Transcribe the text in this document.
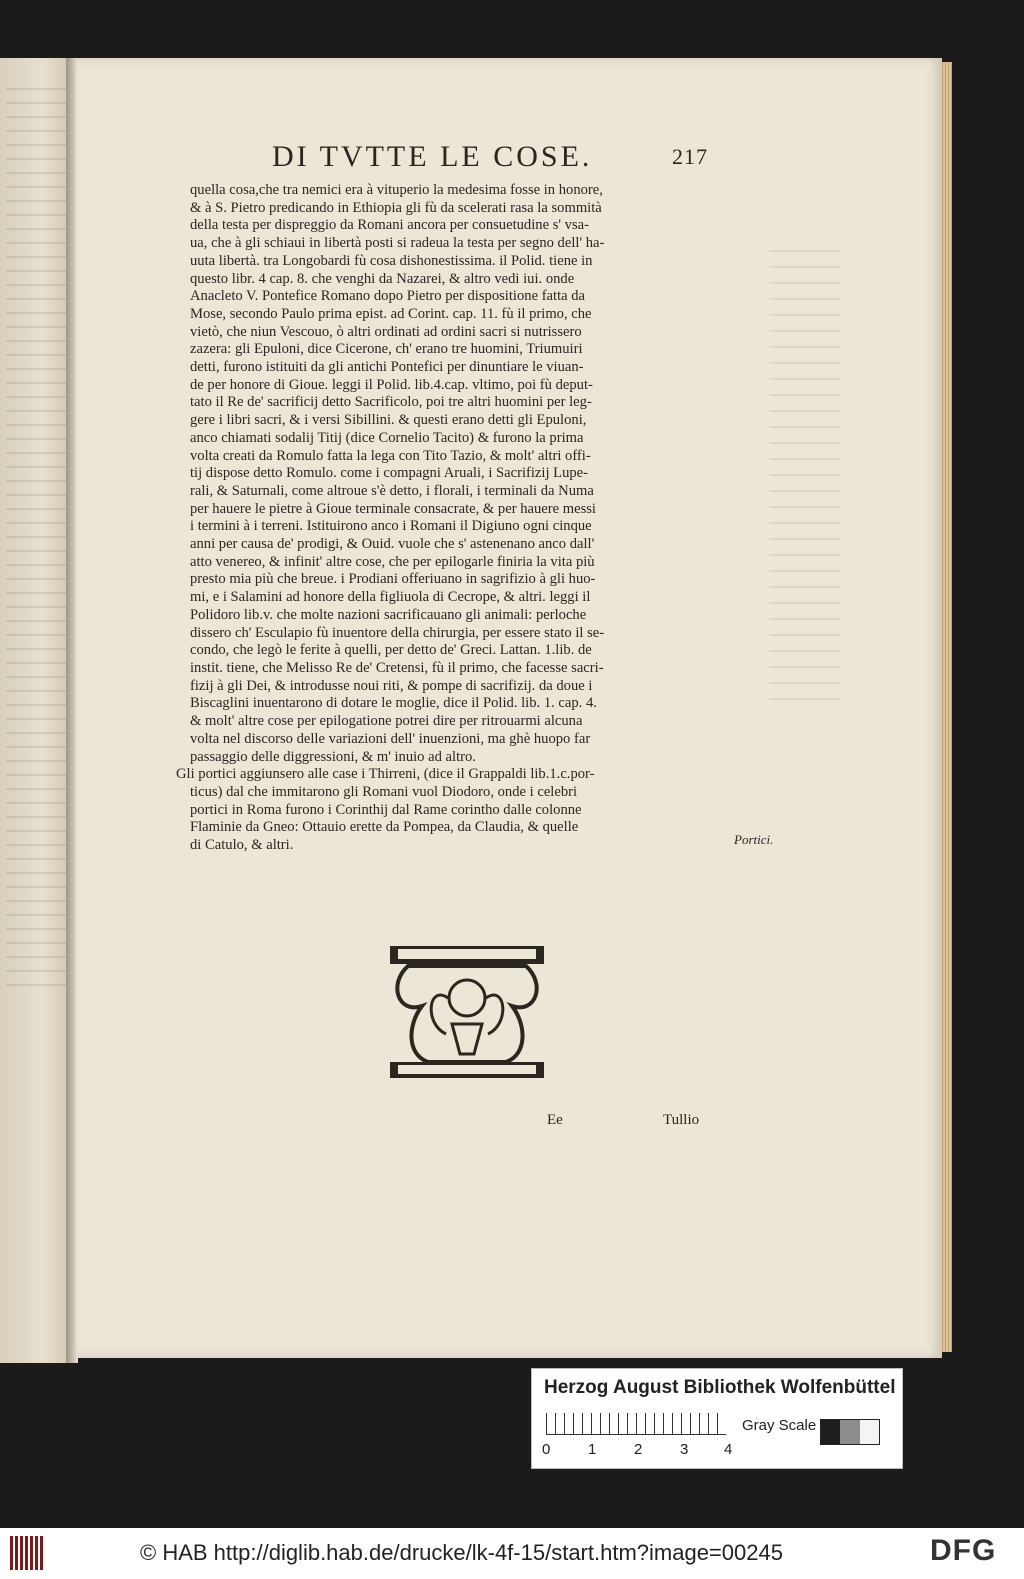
DI TVTTE LE COSE.	217
quella cosa,che tra nemici era à vituperio la medesima fosse in honore,
& à S. Pietro predicando in Ethiopia gli fù da scelerati rasa la sommità
della testa per dispreggio da Romani ancora per consuetudine s' vsa-
ua, che à gli schiaui in libertà posti si radeua la testa per segno dell' ha-
uuta libertà. tra Longobardi fù cosa dishonestissima. il Polid. tiene in
questo libr. 4 cap. 8. che venghi da Nazarei, & altro vedi iui. onde
Anacleto V. Pontefice Romano dopo Pietro per dispositione fatta da
Mose, secondo Paulo prima epist. ad Corint. cap. 11. fù il primo, che
vietò, che niun Vescouo, ò altri ordinati ad ordini sacri si nutrissero
zazera: gli Epuloni, dice Cicerone, ch' erano tre huomini, Triumuiri
detti, furono istituiti da gli antichi Pontefici per dinuntiare le viuan-
de per honore di Gioue. leggi il Polid. lib.4.cap. vltimo, poi fù deput-
tato il Re de' sacrificij detto Sacrificolo, poi tre altri huomini per leg-
gere i libri sacri, & i versi Sibillini. & questi erano detti gli Epuloni,
anco chiamati sodalij Titij (dice Cornelio Tacito) & furono la prima
volta creati da Romulo fatta la lega con Tito Tazio, & molt' altri offi-
tij dispose detto Romulo. come i compagni Aruali, i Sacrifizij Lupe-
rali, & Saturnali, come altroue s'è detto, i florali, i terminali da Numa
per hauere le pietre à Gioue terminale consacrate, & per hauere messi
i termini à i terreni. Istituirono anco i Romani il Digiuno ogni cinque
anni per causa de' prodigi, & Ouid. vuole che s' astenenano anco dall'
atto venereo, & infinit' altre cose, che per epilogarle finiria la vita più
presto mia più che breue. i Prodiani offeriuano in sagrifizio à gli huo-
mi, e i Salamini ad honore della figliuola di Cecrope, & altri. leggi il
Polidoro lib.v. che molte nazioni sacrificauano gli animali: perloche
dissero ch' Esculapio fù inuentore della chirurgia, per essere stato il se-
condo, che legò le ferite à quelli, per detto de' Greci. Lattan. 1.lib. de
instit. tiene, che Melisso Re de' Cretensi, fù il primo, che facesse sacri-
fizij à gli Dei, & introdusse noui riti, & pompe di sacrifizij. da doue i
Biscaglini inuentarono di dotare le moglie, dice il Polid. lib. 1. cap. 4.
& molt' altre cose per epilogatione potrei dire per ritrouarmi alcuna
volta nel discorso delle variazioni dell' inuenzioni, ma ghè huopo far
passaggio delle diggressioni, & m' inuio ad altro.
Gli portici aggiunsero alle case i Thirreni, (dice il Grappaldi lib.1.c.por-
ticus) dal che immitarono gli Romani vuol Diodoro, onde i celebri
portici in Roma furono i Corinthij dal Rame corintho dalle colonne
Flaminie da Gneo: Ottauio erette da Pompea, da Claudia, & quelle
di Catulo, & altri.	Portici.
Ee	Tullio
Herzog August Bibliothek Wolfenbüttel
0	1	2	3 4
Gray Scale
© HAB http://diglib.hab.de/drucke/lk-4f-15/start.htm?image=00245	DFG
